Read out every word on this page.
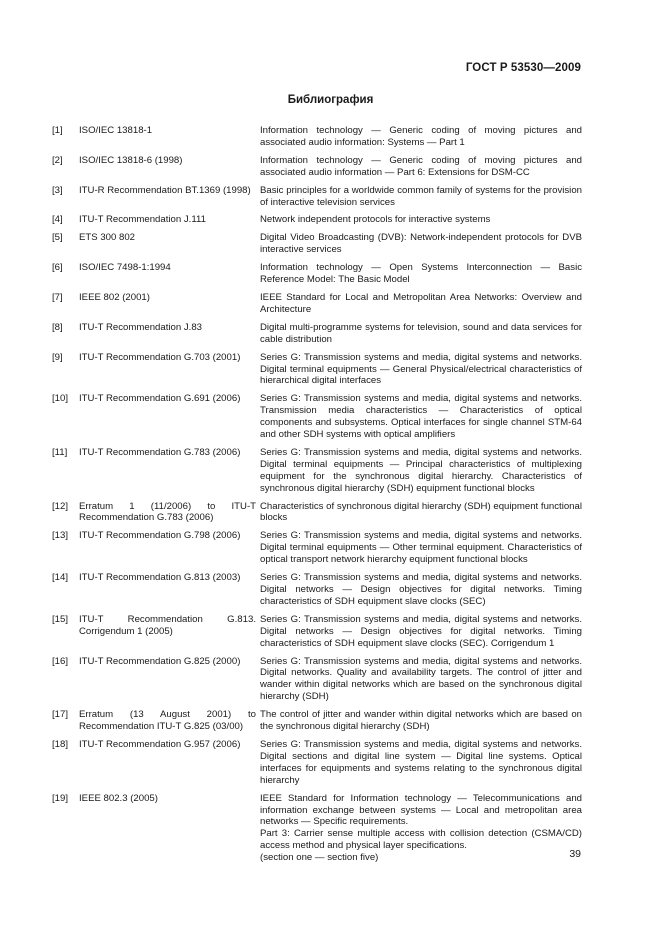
ГОСТ Р 53530—2009
Библиография
[1]	ISO/IEC 13818-1	Information technology — Generic coding of moving pictures and associated audio information: Systems — Part 1
[2]	ISO/IEC 13818-6 (1998)	Information technology — Generic coding of moving pictures and associated audio information — Part 6: Extensions for DSM-CC
[3]	ITU-R Recommendation BT.1369 (1998)	Basic principles for a worldwide common family of systems for the provision of interactive television services
[4]	ITU-T Recommendation J.111	Network independent protocols for interactive systems
[5]	ETS 300 802	Digital Video Broadcasting (DVB): Network-independent protocols for DVB interactive services
[6]	ISO/IEC 7498-1:1994	Information technology — Open Systems Interconnection — Basic Reference Model: The Basic Model
[7]	IEEE 802 (2001)	IEEE Standard for Local and Metropolitan Area Networks: Overview and Architecture
[8]	ITU-T Recommendation J.83	Digital multi-programme systems for television, sound and data services for cable distribution
[9]	ITU-T Recommendation G.703 (2001)	Series G: Transmission systems and media, digital systems and networks. Digital terminal equipments — General Physical/electrical characteristics of hierarchical digital interfaces
[10]	ITU-T Recommendation G.691 (2006)	Series G: Transmission systems and media, digital systems and networks. Transmission media characteristics — Characteristics of optical components and subsystems. Optical interfaces for single channel STM-64 and other SDH systems with optical amplifiers
[11]	ITU-T Recommendation G.783 (2006)	Series G: Transmission systems and media, digital systems and networks. Digital terminal equipments — Principal characteristics of multiplexing equipment for the synchronous digital hierarchy. Characteristics of synchronous digital hierarchy (SDH) equipment functional blocks
[12]	Erratum 1 (11/2006) to ITU-T Recommendation G.783 (2006)	Characteristics of synchronous digital hierarchy (SDH) equipment functional blocks
[13]	ITU-T Recommendation G.798 (2006)	Series G: Transmission systems and media, digital systems and networks. Digital terminal equipments — Other terminal equipment. Characteristics of optical transport network hierarchy equipment functional blocks
[14]	ITU-T Recommendation G.813 (2003)	Series G: Transmission systems and media, digital systems and networks. Digital networks — Design objectives for digital networks. Timing characteristics of SDH equipment slave clocks (SEC)
[15]	ITU-T Recommendation G.813. Corrigendum 1 (2005)	Series G: Transmission systems and media, digital systems and networks. Digital networks — Design objectives for digital networks. Timing characteristics of SDH equipment slave clocks (SEC). Corrigendum 1
[16]	ITU-T Recommendation G.825 (2000)	Series G: Transmission systems and media, digital systems and networks. Digital networks. Quality and availability targets. The control of jitter and wander within digital networks which are based on the synchronous digital hierarchy (SDH)
[17]	Erratum (13 August 2001) to Recommendation ITU-T G.825 (03/00)	The control of jitter and wander within digital networks which are based on the synchronous digital hierarchy (SDH)
[18]	ITU-T Recommendation G.957 (2006)	Series G: Transmission systems and media, digital systems and networks. Digital sections and digital line system — Digital line systems. Optical interfaces for equipments and systems relating to the synchronous digital hierarchy
[19]	IEEE 802.3 (2005)	IEEE Standard for Information technology — Telecommunications and information exchange between systems — Local and metropolitan area networks — Specific requirements.
Part 3: Carrier sense multiple access with collision detection (CSMA/CD) access method and physical layer specifications.
(section one — section five)	39
